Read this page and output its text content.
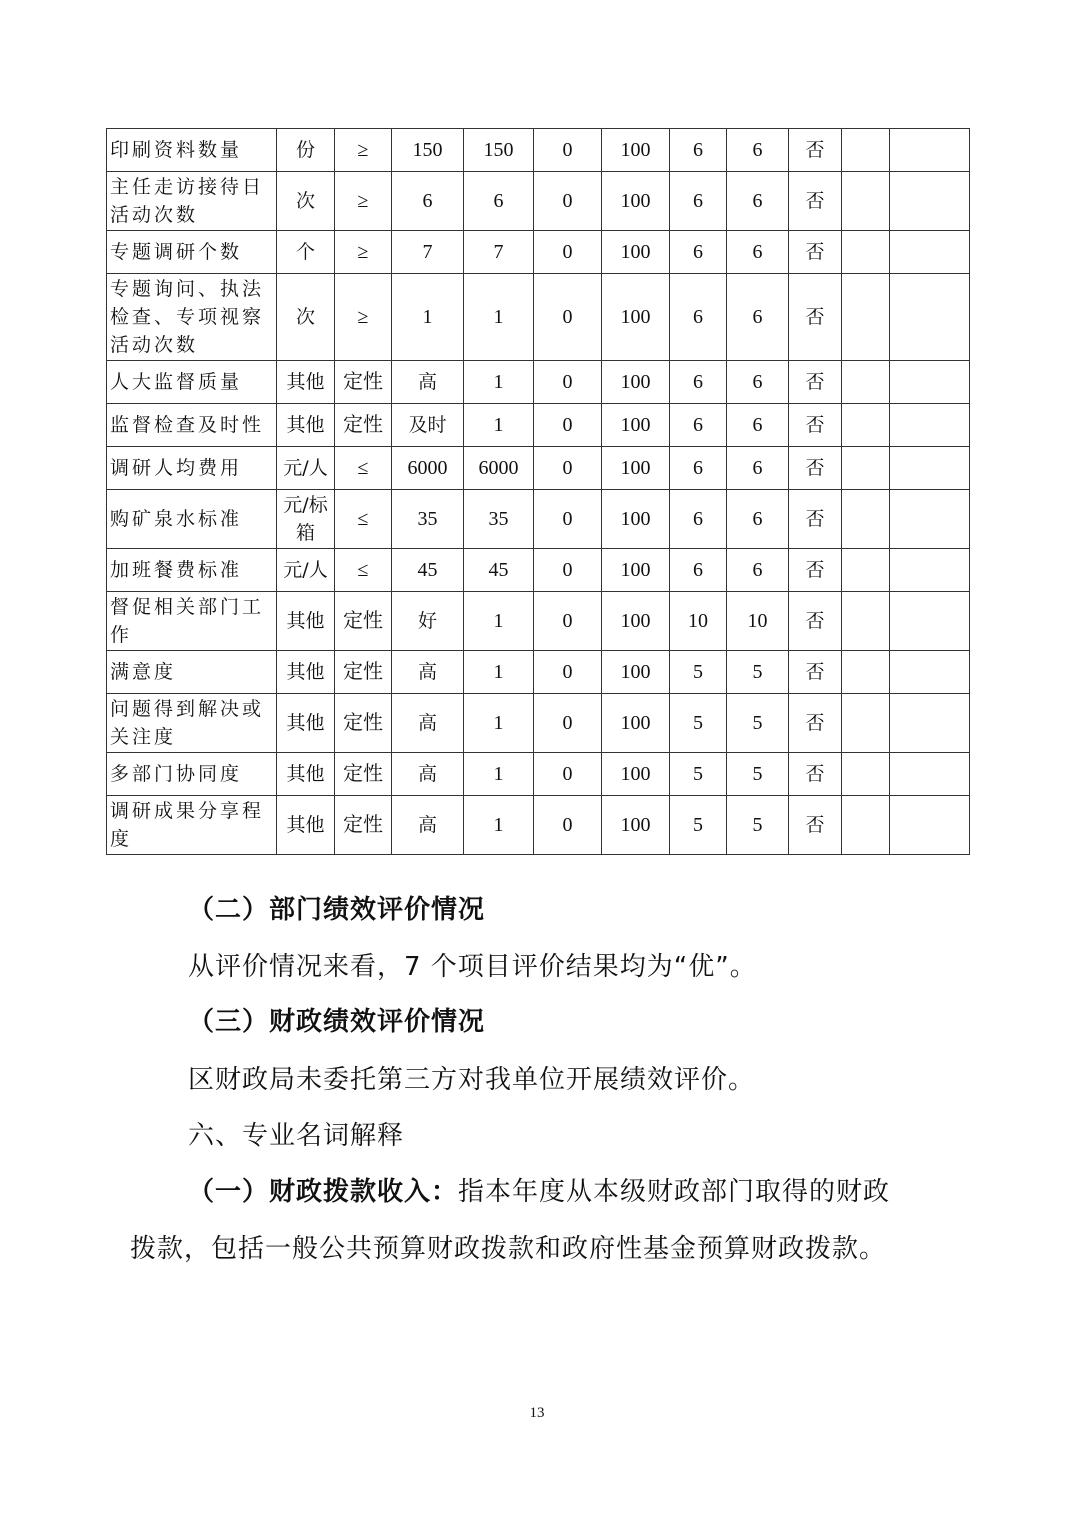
印刷资料数量	份	≥	150	150	0	100	6	6	否		
主任走访接待日活动次数	次	≥	6	6	0	100	6	6	否		
专题调研个数	个	≥	7	7	0	100	6	6	否		
专题询问、执法检查、专项视察活动次数	次	≥	1	1	0	100	6	6	否		
人大监督质量	其他	定性	高	1	0	100	6	6	否		
监督检查及时性	其他	定性	及时	1	0	100	6	6	否		
调研人均费用	元/人	≤	6000	6000	0	100	6	6	否		
购矿泉水标准	元/标箱	≤	35	35	0	100	6	6	否		
加班餐费标准	元/人	≤	45	45	0	100	6	6	否		
督促相关部门工作	其他	定性	好	1	0	100	10	10	否		
满意度	其他	定性	高	1	0	100	5	5	否		
问题得到解决或关注度	其他	定性	高	1	0	100	5	5	否		
多部门协同度	其他	定性	高	1	0	100	5	5	否		
调研成果分享程度	其他	定性	高	1	0	100	5	5	否		
（二）部门绩效评价情况
从评价情况来看，7 个项目评价结果均为“优”。
（三）财政绩效评价情况
区财政局未委托第三方对我单位开展绩效评价。
六、专业名词解释
（一）财政拨款收入：指本年度从本级财政部门取得的财政
拨款，包括一般公共预算财政拨款和政府性基金预算财政拨款。
13
